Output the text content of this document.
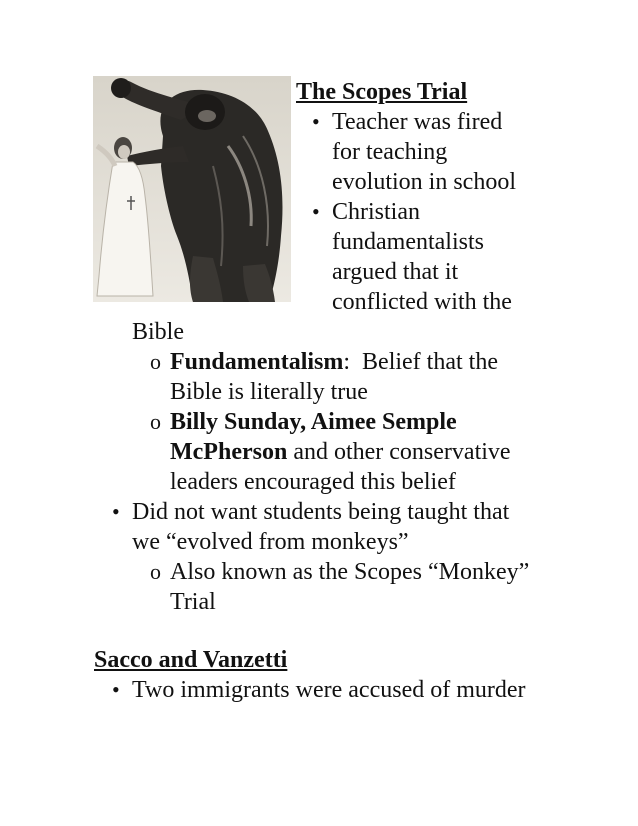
The Scopes Trial
• Teacher was fired
for teaching
evolution in school
• Christian
fundamentalists
argued that it
conflicted with the
Bible
o Fundamentalism: Belief that the
Bible is literally true
o Billy Sunday, Aimee Semple
McPherson and other conservative
leaders encouraged this belief
• Did not want students being taught that
we “evolved from monkeys”
o Also known as the Scopes “Monkey”
Trial
Sacco and Vanzetti
• Two immigrants were accused of murder
